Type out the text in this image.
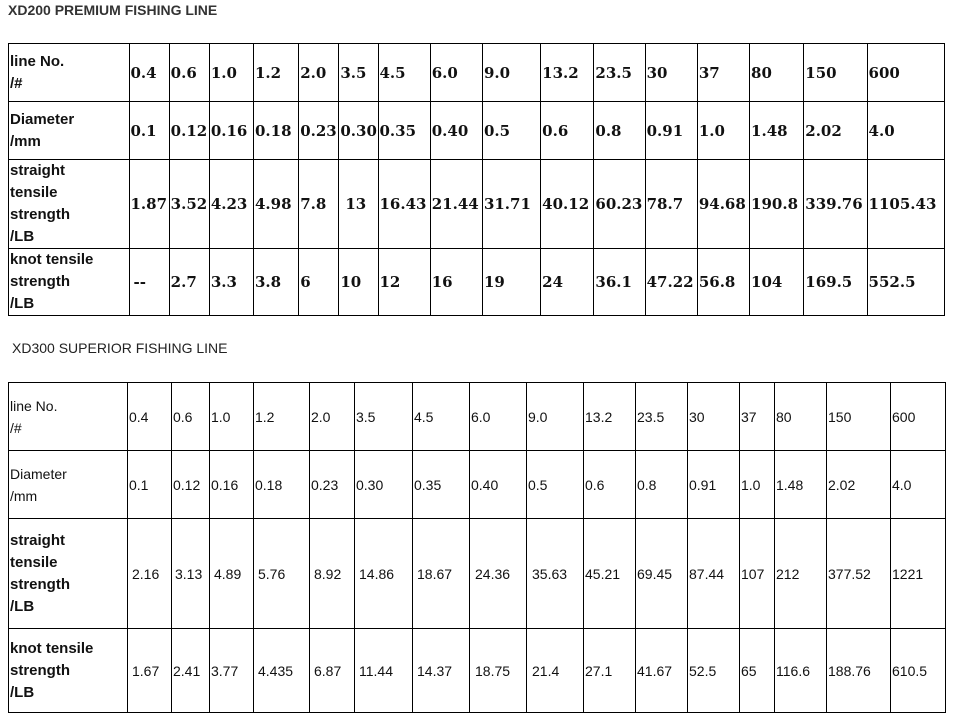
XD200 PREMIUM FISHING LINE
line No.
/#	0.4	0.6	1.0	1.2	2.0	3.5	4.5	6.0	9.0	13.2	23.5	30	37	80	150	600
Diameter
/mm	0.1	0.12	0.16	0.18	0.23	0.30	0.35	0.40	0.5	0.6	0.8	0.91	1.0	1.48	2.02	4.0
straight
tensile
strength
/LB	1.87	3.52	4.23	4.98	7.8	13	16.43	21.44	31.71	40.12	60.23	78.7	94.68	190.8	339.76	1105.43
knot tensile
strength
/LB	--	2.7	3.3	3.8	6	10	12	16	19	24	36.1	47.22	56.8	104	169.5	552.5
XD300 SUPERIOR FISHING LINE
line No.
/#	0.4	0.6	1.0	1.2	2.0	3.5	4.5	6.0	9.0	13.2	23.5	30	37	80	150	600
Diameter
/mm	0.1	0.12	0.16	0.18	0.23	0.30	0.35	0.40	0.5	0.6	0.8	0.91	1.0	1.48	2.02	4.0
straight
tensile
strength
/LB	2.16	3.13	4.89	5.76	8.92	14.86	18.67	24.36	35.63	45.21	69.45	87.44	107	212	377.52	1221
knot tensile
strength
/LB	1.67	2.41	3.77	4.435	6.87	11.44	14.37	18.75	21.4	27.1	41.67	52.5	65	116.6	188.76	610.5
